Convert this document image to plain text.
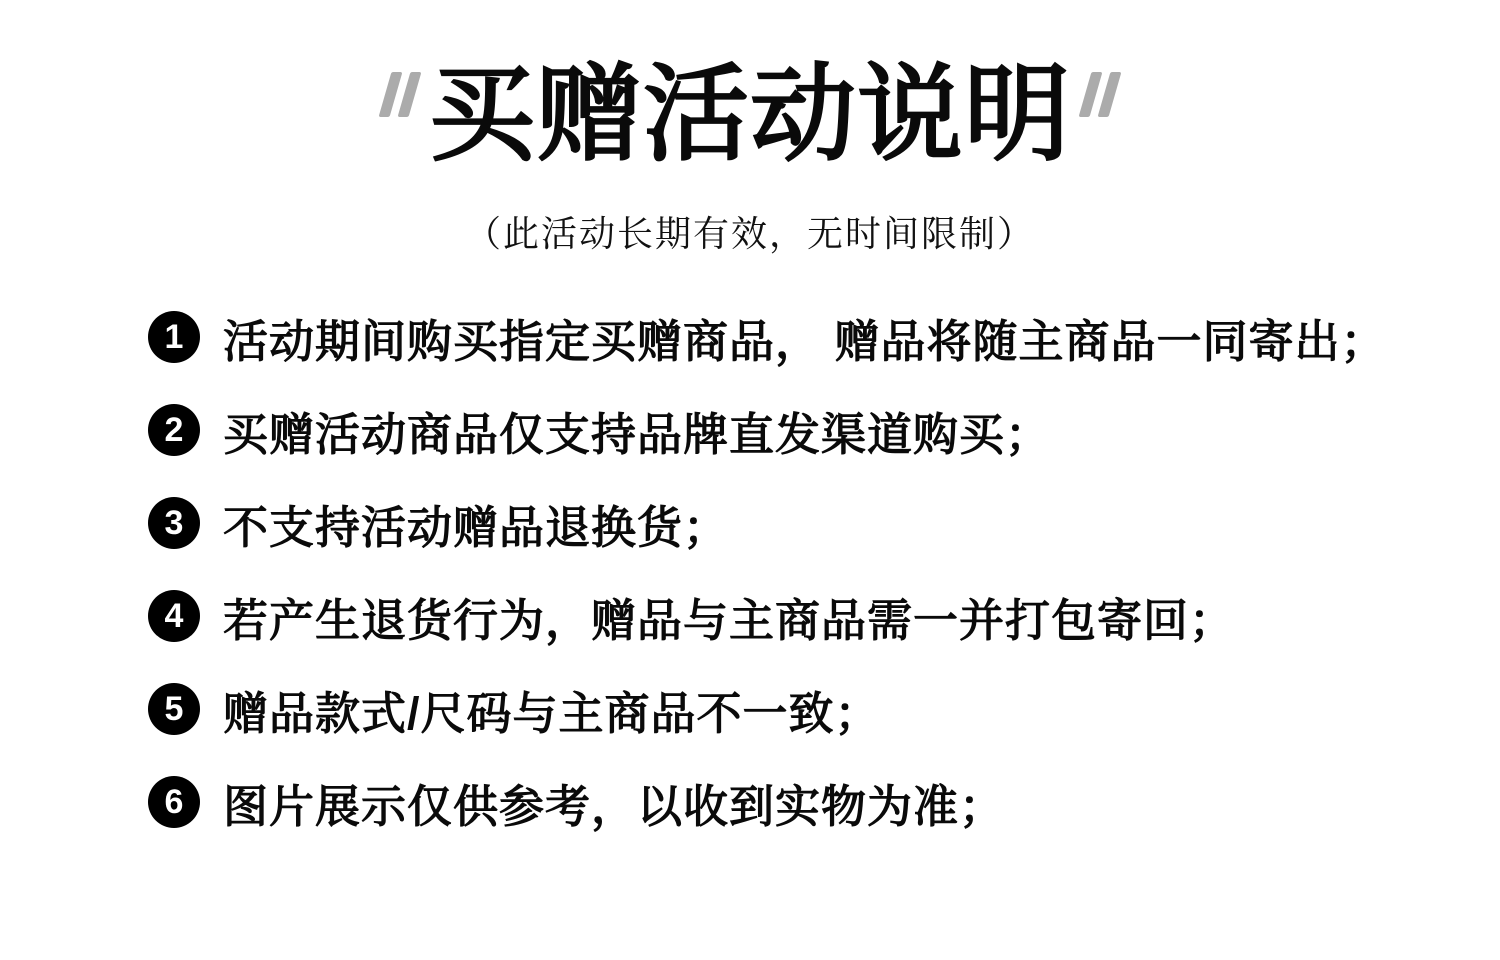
买赠活动说明
（此活动长期有效，无时间限制）
1 活动期间购买指定买赠商品， 赠品将随主商品一同寄出；
2 买赠活动商品仅支持品牌直发渠道购买；
3 不支持活动赠品退换货；
4 若产生退货行为，赠品与主商品需一并打包寄回；
5 赠品款式/尺码与主商品不一致；
6 图片展示仅供参考，以收到实物为准；
